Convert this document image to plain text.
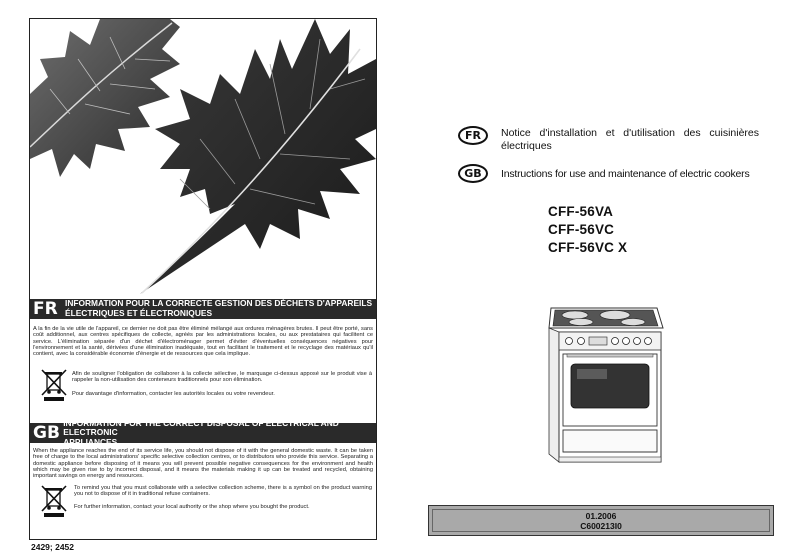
FR INFORMATION POUR LA CORRECTE GESTION DES DÉCHETS D'APPAREILS
ÉLECTRIQUES ET ÉLECTRONIQUES
A la fin de la vie utile de l'appareil, ce dernier ne doit pas être éliminé mélangé aux ordures ménagères brutes. Il peut être porté, sans coût additionnel, aux centres spécifiques de collecte, agréés par les administrations locales, ou aux prestataires qui facilitent ce service. L'élimination séparée d'un déchet d'électroménager permet d'éviter d'éventuelles conséquences négatives pour l'environnement et la santé, dérivées d'une élimination inadéquate, tout en facilitant le traitement et le recyclage des matériaux qu'il contient, avec la considérable économie d'énergie et de ressources que cela implique.
Afin de souligner l'obligation de collaborer à la collecte sélective, le marquage ci-dessus apposé sur le produit vise à rappeler la non-utilisation des conteneurs traditionnels pour son élimination.
Pour davantage d'information, contacter les autorités locales ou votre revendeur.
GB
INFORMATION FOR THE CORRECT DISPOSAL OF ELECTRICAL AND ELECTRONIC
APPLIANCES
When the appliance reaches the end of its service life, you should not dispose of it with the general domestic waste. It can be taken free of charge to the local administrations' specific selective collection centres, or to distributors who provide this service. Separating a domestic appliance before disposing of it means you will prevent possible negative consequences for the environment and health which may be given rise to by incorrect disposal, and it means the materials making it up can be treated and recycled, obtaining important savings on energy and resources.
To remind you that you must collaborate with a selective collection scheme, there is a symbol on the product warning you not to dispose of it in traditional refuse containers.
For further information, contact your local authority or the shop where you bought the product.
2429; 2452
FR	Notice d'installation et d'utilisation des cuisinières électriques
GB	Instructions for use and maintenance of electric cookers
CFF-56VA
CFF-56VC
CFF-56VC X
01.2006
C600213I0
